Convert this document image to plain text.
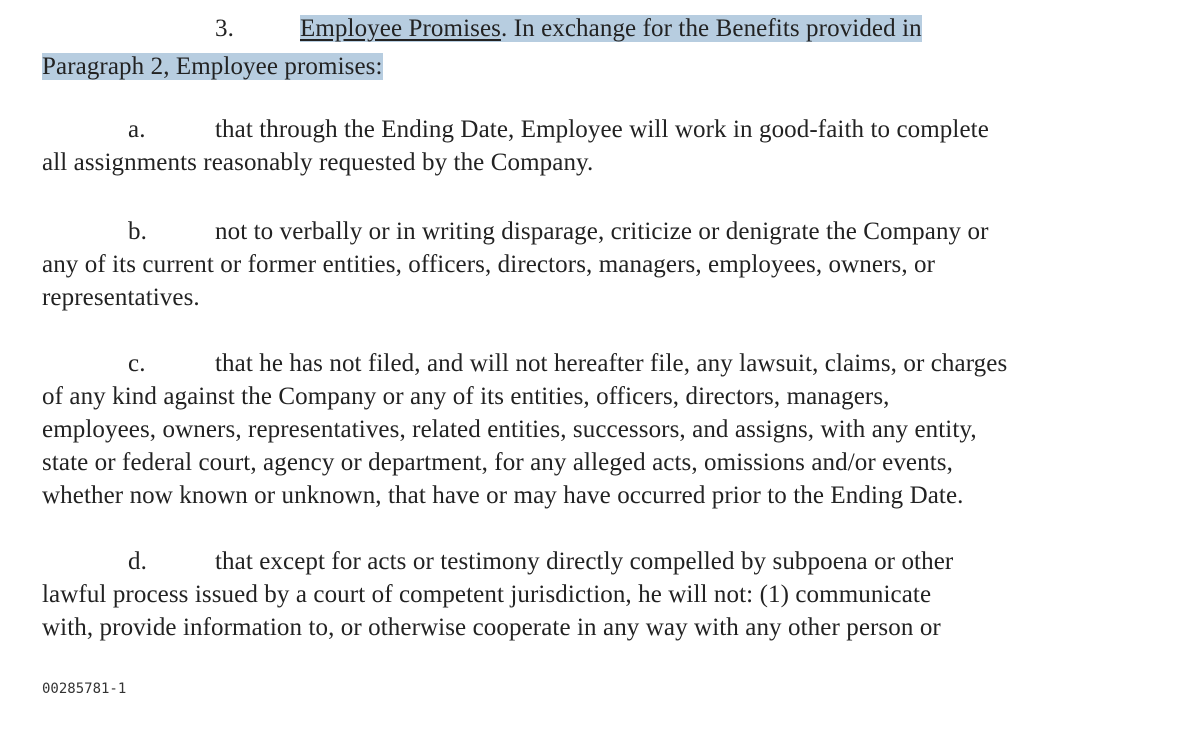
3.	Employee Promises. In exchange for the Benefits provided in
Paragraph 2, Employee promises:
a.	that through the Ending Date, Employee will work in good-faith to complete
all assignments reasonably requested by the Company.
b.	not to verbally or in writing disparage, criticize or denigrate the Company or
any of its current or former entities, officers, directors, managers, employees, owners, or
representatives.
c.	that he has not filed, and will not hereafter file, any lawsuit, claims, or charges
of any kind against the Company or any of its entities, officers, directors, managers,
employees, owners, representatives, related entities, successors, and assigns, with any entity,
state or federal court, agency or department, for any alleged acts, omissions and/or events,
whether now known or unknown, that have or may have occurred prior to the Ending Date.
d.	that except for acts or testimony directly compelled by subpoena or other
lawful process issued by a court of competent jurisdiction, he will not: (1) communicate
with, provide information to, or otherwise cooperate in any way with any other person or
00285781-1
